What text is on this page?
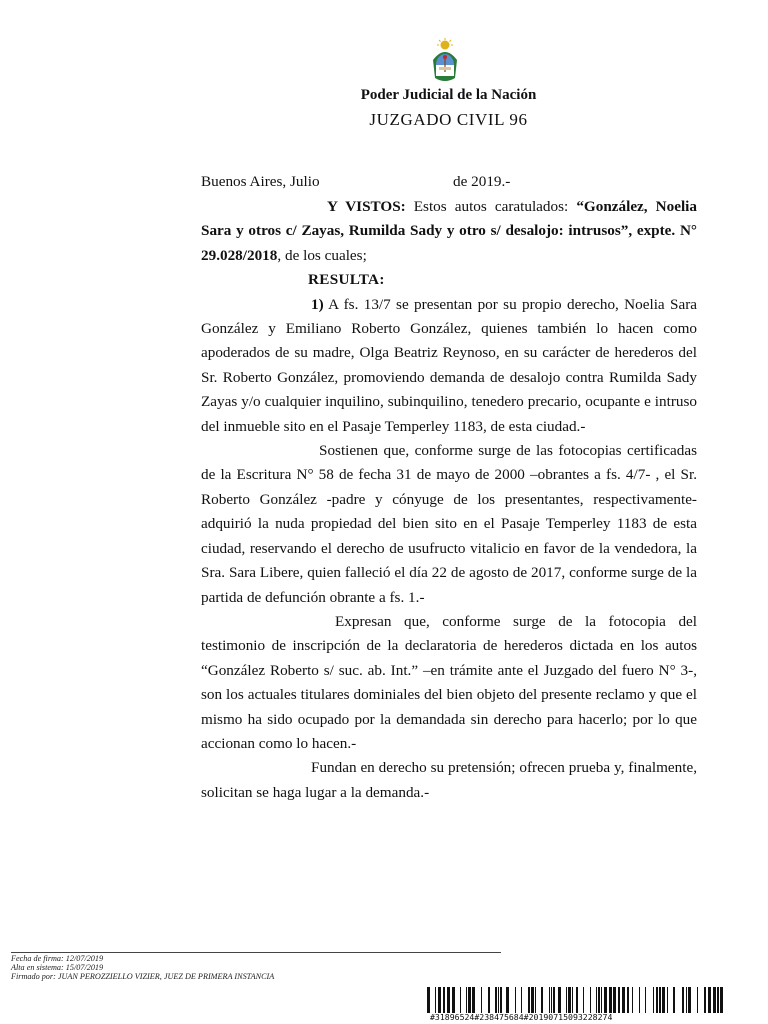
Poder Judicial de la Nación
JUZGADO CIVIL 96
Buenos Aires, Julio	de 2019.-

Y VISTOS: Estos autos caratulados: “González, Noelia Sara y otros c/ Zayas, Rumilda Sady y otro s/ desalojo: intrusos”, expte. N° 29.028/2018, de los cuales;

RESULTA:

1) A fs. 13/7 se presentan por su propio derecho, Noelia Sara González y Emiliano Roberto González, quienes también lo hacen como apoderados de su madre, Olga Beatriz Reynoso, en su carácter de herederos del Sr. Roberto González, promoviendo demanda de desalojo contra Rumilda Sady Zayas y/o cualquier inquilino, subinquilino, tenedero precario, ocupante e intruso del inmueble sito en el Pasaje Temperley 1183, de esta ciudad.-

Sostienen que, conforme surge de las fotocopias certificadas de la Escritura N° 58 de fecha 31 de mayo de 2000 –obrantes a fs. 4/7- , el Sr. Roberto González -padre y cónyuge de los presentantes, respectivamente- adquirió la nuda propiedad del bien sito en el Pasaje Temperley 1183 de esta ciudad, reservando el derecho de usufructo vitalicio en favor de la vendedora, la Sra. Sara Libere, quien falleció el día 22 de agosto de 2017, conforme surge de la partida de defunción obrante a fs. 1.-

Expresan que, conforme surge de la fotocopia del testimonio de inscripción de la declaratoria de herederos dictada en los autos “González Roberto s/ suc. ab. Int.” –en trámite ante el Juzgado del fuero N° 3-, son los actuales titulares dominiales del bien objeto del presente reclamo y que el mismo ha sido ocupado por la demandada sin derecho para hacerlo; por lo que accionan como lo hacen.-

Fundan en derecho su pretensión; ofrecen prueba y, finalmente, solicitan se haga lugar a la demanda.-

Fecha de firma: 12/07/2019
Alta en sistema: 15/07/2019
Firmado por: JUAN PEROZZIELLO VIZIER, JUEZ DE PRIMERA INSTANCIA
#31896524#238475684#20190715093228274
